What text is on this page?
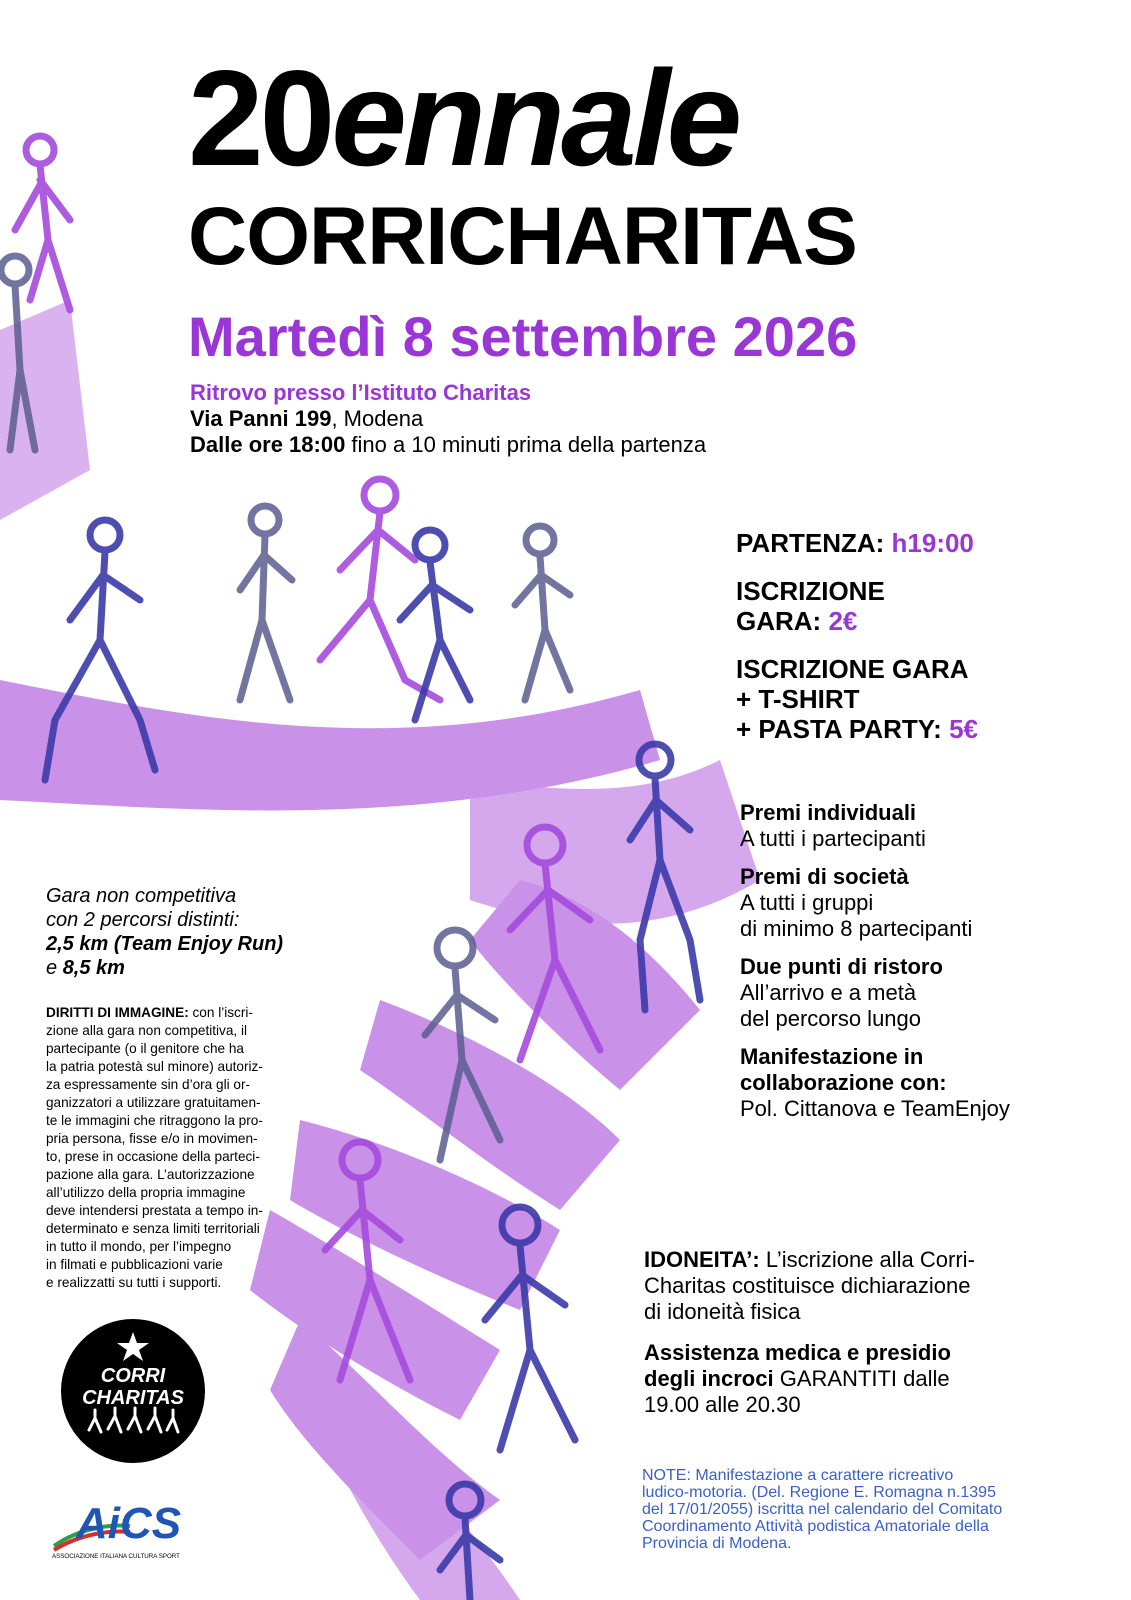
20ennale
CORRICHARITAS
Martedì 8 settembre 2026
Ritrovo presso l’Istituto Charitas
Via Panni 199, Modena
Dalle ore 18:00 fino a 10 minuti prima della partenza
PARTENZA: h19:00
ISCRIZIONE
GARA: 2€
ISCRIZIONE GARA
+ T-SHIRT
+ PASTA PARTY: 5€
Premi individuali
A tutti i partecipanti
Premi di società
A tutti i gruppi
di minimo 8 partecipanti
Due punti di ristoro
All’arrivo e a metà
del percorso lungo
Manifestazione in collaborazione con:
Pol. Cittanova e TeamEnjoy
Gara non competitiva
con 2 percorsi distinti:
2,5 km (Team Enjoy Run)
e 8,5 km
DIRITTI DI IMMAGINE: con l’iscri-
zione alla gara non competitiva, il
partecipante (o il genitore che ha
la patria potestà sul minore) autoriz-
za espressamente sin d’ora gli or-
ganizzatori a utilizzare gratuitamen-
te le immagini che ritraggono la pro-
pria persona, fisse e/o in movimen-
to, prese in occasione della parteci-
pazione alla gara. L’autorizzazione
all’utilizzo della propria immagine
deve intendersi prestata a tempo in-
determinato e senza limiti territoriali
in tutto il mondo, per l’impegno
in filmati e pubblicazioni varie
e realizzatti su tutti i supporti.
IDONEITA’: L’iscrizione alla Corri-
Charitas costituisce dichiarazione
di idoneità fisica
Assistenza medica e presidio
degli incroci GARANTITI dalle
19.00 alle 20.30
NOTE: Manifestazione a carattere ricreativo
ludico-motoria. (Del. Regione E. Romagna n.1395
del 17/01/2055) iscritta nel calendario del Comitato
Coordinamento Attività podistica Amatoriale della
Provincia di Modena.
CORRI
CHARITAS
AiCS
ASSOCIAZIONE ITALIANA CULTURA SPORT
